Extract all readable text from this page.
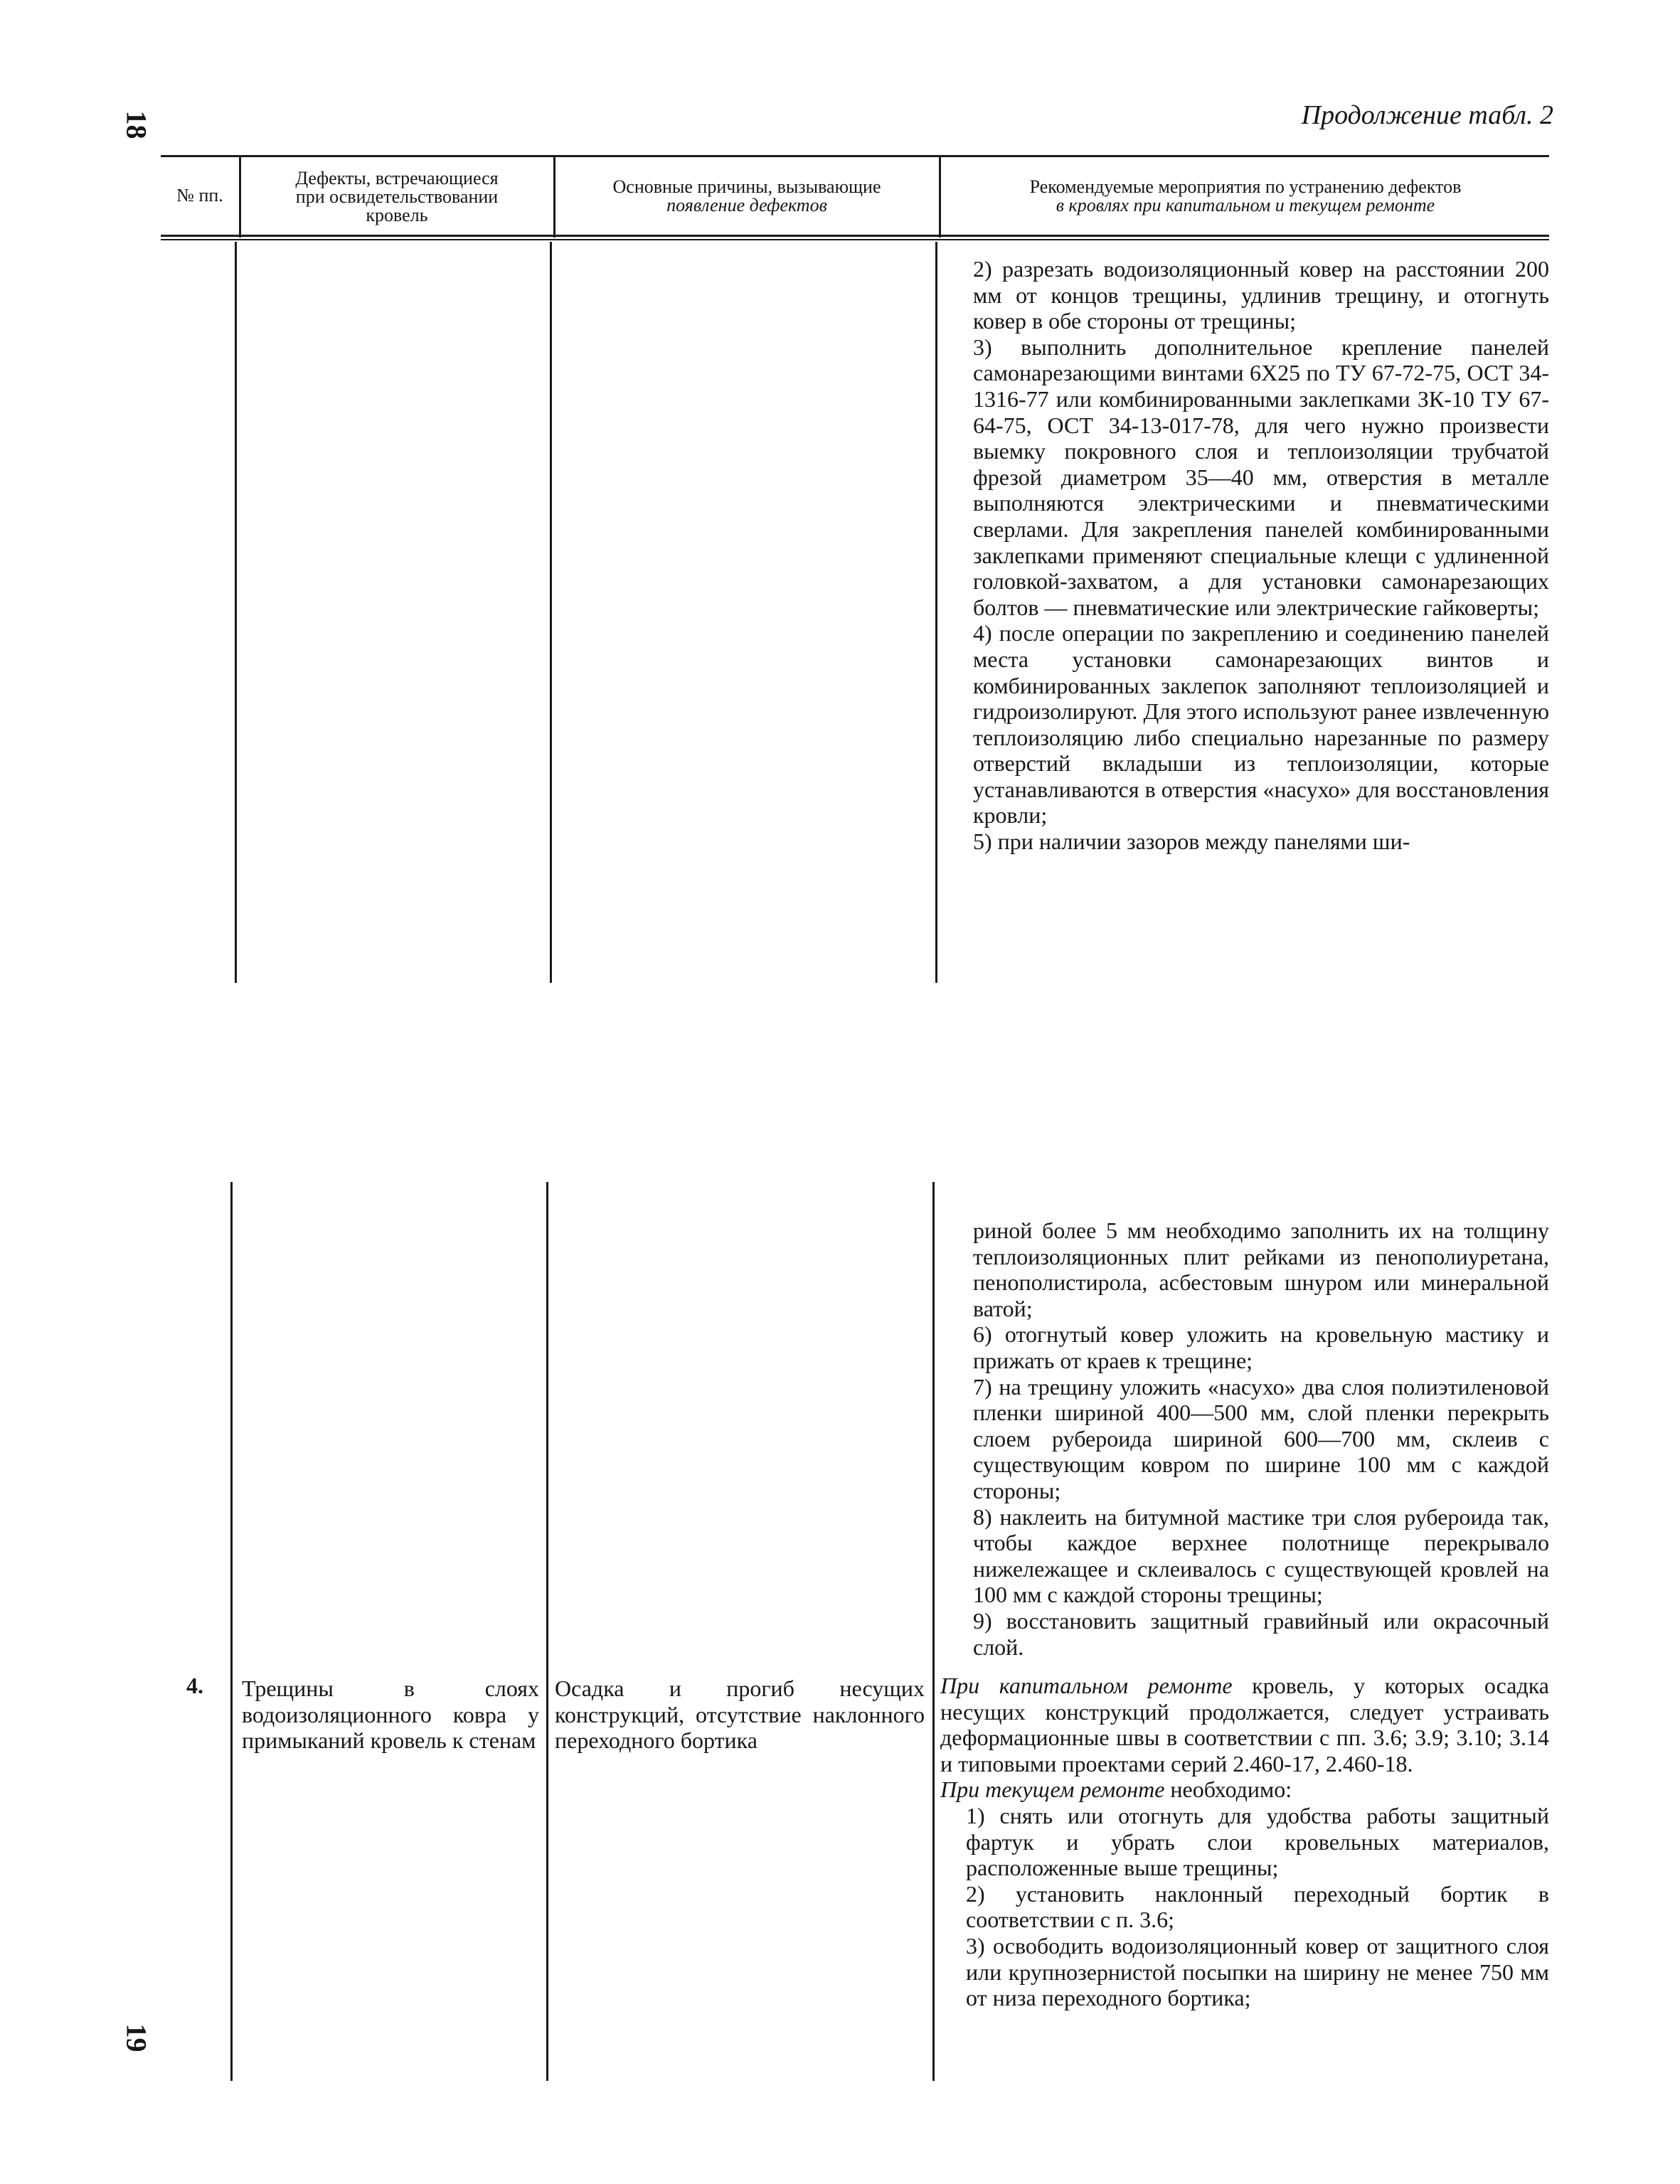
18
19
Продолжение табл. 2
№ пп.
Дефекты, встречающиеся
при освидетельствовании
кровель
Основные причины, вызывающие
появление дефектов
Рекомендуемые мероприятия по устранению дефектов
в кровлях при капитальном и текущем ремонте

2) разрезать водоизоляционный ковер на расстоянии 200 мм от концов трещины, удлинив трещину, и отогнуть ковер в обе стороны от трещины;

3) выполнить дополнительное крепление панелей самонарезающими винтами 6Х25 по ТУ 67-72-75, ОСТ 34-1316-77 или комбинированными заклепками ЗК-10 ТУ 67-64-75, ОСТ 34-13-017-78, для чего нужно произвести выемку покровного слоя и теплоизоляции трубчатой фрезой диаметром 35—40 мм, отверстия в металле выполняются электрическими и пневматическими сверлами. Для закрепления панелей комбинированными заклепками применяют специальные клещи с удлиненной головкой-захватом, а для установки самонарезающих болтов — пневматические или электрические гайковерты;

4) после операции по закреплению и соединению панелей места установки самонарезающих винтов и комбинированных заклепок заполняют теплоизоляцией и гидроизолируют. Для этого используют ранее извлеченную теплоизоляцию либо специально нарезанные по размеру отверстий вкладыши из теплоизоляции, которые устанавливаются в отверстия «насухо» для восстановления кровли;

5) при наличии зазоров между панелями ши-

риной более 5 мм необходимо заполнить их на толщину теплоизоляционных плит рейками из пенополиуретана, пенополистирола, асбестовым шнуром или минеральной ватой;

6) отогнутый ковер уложить на кровельную мастику и прижать от краев к трещине;

7) на трещину уложить «насухо» два слоя полиэтиленовой пленки шириной 400—500 мм, слой пленки перекрыть слоем рубероида шириной 600—700 мм, склеив с существующим ковром по ширине 100 мм с каждой стороны;

8) наклеить на битумной мастике три слоя рубероида так, чтобы каждое верхнее полотнище перекрывало нижележащее и склеивалось с существующей кровлей на 100 мм с каждой стороны трещины;

9) восстановить защитный гравийный или окрасочный слой.

4. Трещины в слоях водоизоляционного ковра у примыканий кровель к стенам
Осадка и прогиб несущих конструкций, отсутствие наклонного переходного бортика

При капитальном ремонте кровель, у которых осадка несущих конструкций продолжается, следует устраивать деформационные швы в соответствии с пп. 3.6; 3.9; 3.10; 3.14 и типовыми проектами серий 2.460-17, 2.460-18.

При текущем ремонте необходимо:

1) снять или отогнуть для удобства работы защитный фартук и убрать слои кровельных материалов, расположенные выше трещины;

2) установить наклонный переходный бортик в соответствии с п. 3.6;

3) освободить водоизоляционный ковер от защитного слоя или крупнозернистой посыпки на ширину не менее 750 мм от низа переходного бортика;
